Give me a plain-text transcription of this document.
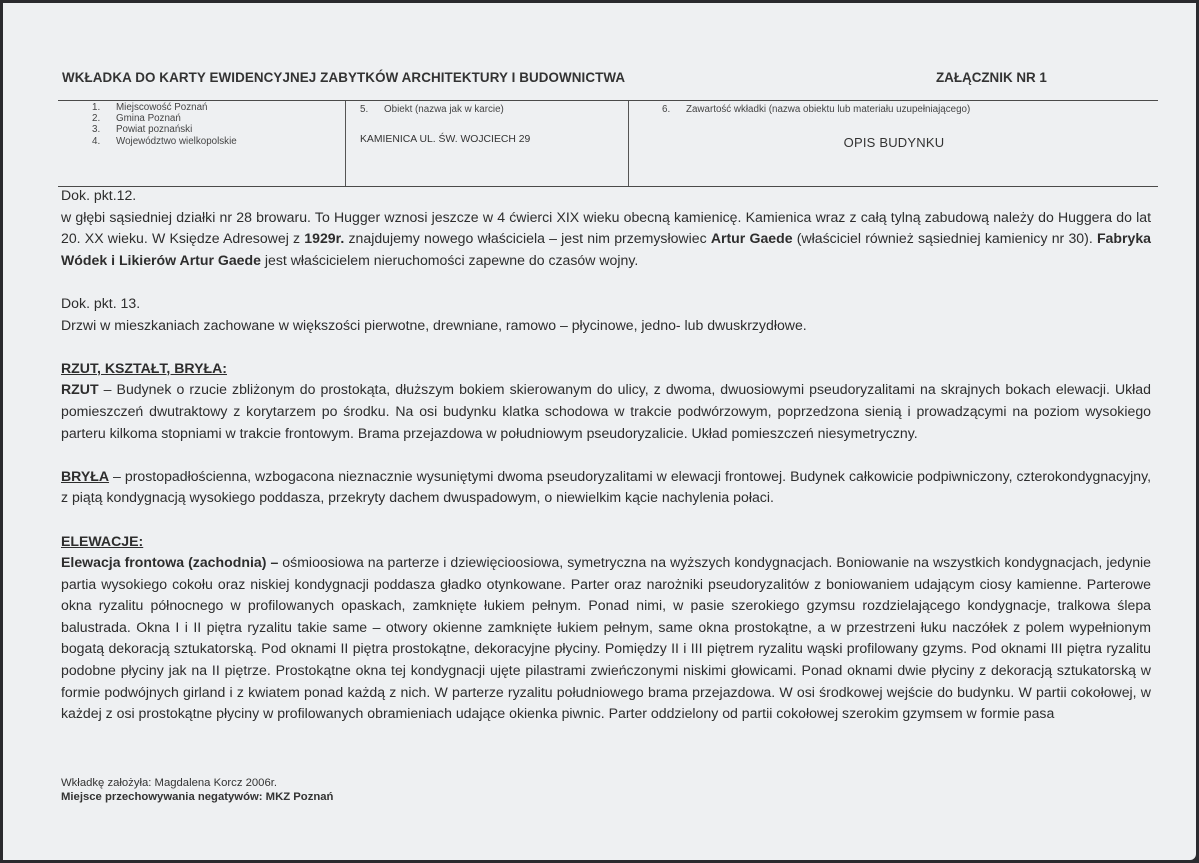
WKŁADKA DO KARTY EWIDENCYJNEJ ZABYTKÓW ARCHITEKTURY I BUDOWNICTWA	ZAŁĄCZNIK NR 1
1. Miejscowość Poznań
2. Gmina Poznań
3. Powiat poznański
4. Województwo wielkopolskie
5. Obiekt (nazwa jak w karcie)
KAMIENICA UL. ŚW. WOJCIECH 29
6. Zawartość wkładki (nazwa obiektu lub materiału uzupełniającego)
OPIS BUDYNKU

Dok. pkt.12.

w głębi sąsiedniej działki nr 28 browaru. To Hugger wznosi jeszcze w 4 ćwierci XIX wieku obecną kamienicę. Kamienica wraz z całą tylną zabudową należy do Huggera do lat 20. XX wieku. W Księdze Adresowej z 1929r. znajdujemy nowego właściciela – jest nim przemysłowiec Artur Gaede (właściciel również sąsiedniej kamienicy nr 30). Fabryka Wódek i Likierów Artur Gaede jest właścicielem nieruchomości zapewne do czasów wojny.

Dok. pkt. 13.

Drzwi w mieszkaniach zachowane w większości pierwotne, drewniane, ramowo – płycinowe, jedno- lub dwuskrzydłowe.

RZUT, KSZTAŁT, BRYŁA:

RZUT – Budynek o rzucie zbliżonym do prostokąta, dłuższym bokiem skierowanym do ulicy, z dwoma, dwuosiowymi pseudoryzalitami na skrajnych bokach elewacji. Układ pomieszczeń dwutraktowy z korytarzem po środku. Na osi budynku klatka schodowa w trakcie podwórzowym, poprzedzona sienią i prowadzącymi na poziom wysokiego parteru kilkoma stopniami w trakcie frontowym. Brama przejazdowa w południowym pseudoryzalicie. Układ pomieszczeń niesymetryczny.

BRYŁA – prostopadłościenna, wzbogacona nieznacznie wysuniętymi dwoma pseudoryzalitami w elewacji frontowej. Budynek całkowicie podpiwniczony, czterokondygnacyjny, z piątą kondygnacją wysokiego poddasza, przekryty dachem dwuspadowym, o niewielkim kącie nachylenia połaci.

ELEWACJE:

Elewacja frontowa (zachodnia) – ośmioosiowa na parterze i dziewięcioosiowa, symetryczna na wyższych kondygnacjach. Boniowanie na wszystkich kondygnacjach, jedynie partia wysokiego cokołu oraz niskiej kondygnacji poddasza gładko otynkowane. Parter oraz narożniki pseudoryzalitów z boniowaniem udającym ciosy kamienne. Parterowe okna ryzalitu północnego w profilowanych opaskach, zamknięte łukiem pełnym. Ponad nimi, w pasie szerokiego gzymsu rozdzielającego kondygnacje, tralkowa ślepa balustrada. Okna I i II piętra ryzalitu takie same – otwory okienne zamknięte łukiem pełnym, same okna prostokątne, a w przestrzeni łuku naczółek z polem wypełnionym bogatą dekoracją sztukatorską. Pod oknami II piętra prostokątne, dekoracyjne płyciny. Pomiędzy II i III piętrem ryzalitu wąski profilowany gzyms. Pod oknami III piętra ryzalitu podobne płyciny jak na II piętrze. Prostokątne okna tej kondygnacji ujęte pilastrami zwieńczonymi niskimi głowicami. Ponad oknami dwie płyciny z dekoracją sztukatorską w formie podwójnych girland i z kwiatem ponad każdą z nich. W parterze ryzalitu południowego brama przejazdowa. W osi środkowej wejście do budynku. W partii cokołowej, w każdej z osi prostokątne płyciny w profilowanych obramieniach udające okienka piwnic. Parter oddzielony od partii cokołowej szerokim gzymsem w formie pasa

Wkładkę założyła: Magdalena Korcz 2006r.
Miejsce przechowywania negatywów: MKZ Poznań
